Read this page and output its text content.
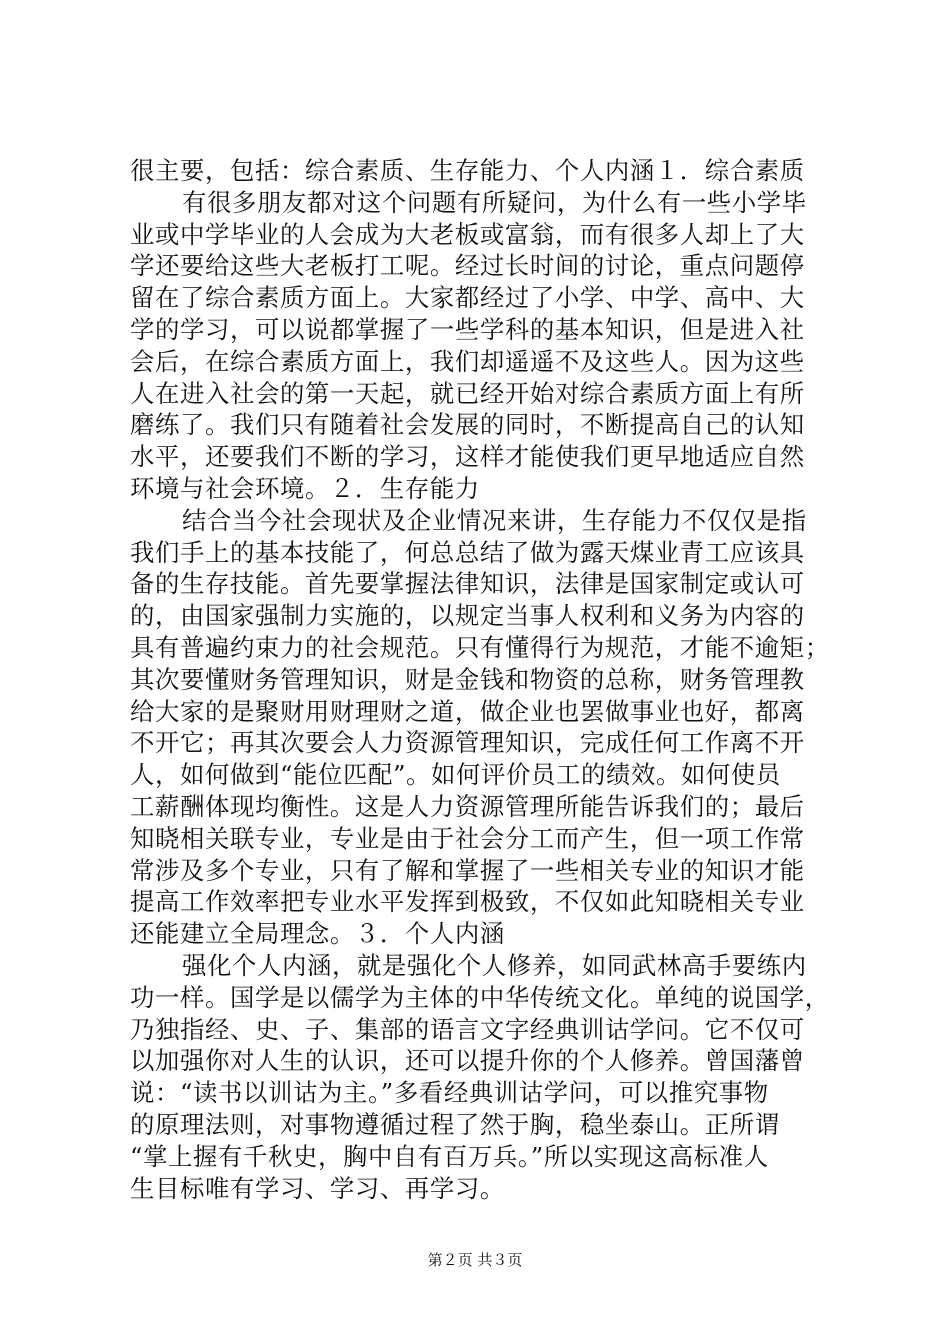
很主要，包括：综合素质、生存能力、个人内涵１．综合素质
有很多朋友都对这个问题有所疑问，为什么有一些小学毕
业或中学毕业的人会成为大老板或富翁，而有很多人却上了大
学还要给这些大老板打工呢。经过长时间的讨论，重点问题停
留在了综合素质方面上。大家都经过了小学、中学、高中、大
学的学习，可以说都掌握了一些学科的基本知识，但是进入社
会后，在综合素质方面上，我们却遥遥不及这些人。因为这些
人在进入社会的第一天起，就已经开始对综合素质方面上有所
磨练了。我们只有随着社会发展的同时，不断提高自己的认知
水平，还要我们不断的学习，这样才能使我们更早地适应自然
环境与社会环境。２．生存能力
结合当今社会现状及企业情况来讲，生存能力不仅仅是指
我们手上的基本技能了，何总总结了做为露天煤业青工应该具
备的生存技能。首先要掌握法律知识，法律是国家制定或认可
的，由国家强制力实施的，以规定当事人权利和义务为内容的
具有普遍约束力的社会规范。只有懂得行为规范，才能不逾矩；
其次要懂财务管理知识，财是金钱和物资的总称，财务管理教
给大家的是聚财用财理财之道，做企业也罢做事业也好，都离
不开它；再其次要会人力资源管理知识，完成任何工作离不开
人，如何做到“能位匹配”。如何评价员工的绩效。如何使员
工薪酬体现均衡性。这是人力资源管理所能告诉我们的；最后
知晓相关联专业，专业是由于社会分工而产生，但一项工作常
常涉及多个专业，只有了解和掌握了一些相关专业的知识才能
提高工作效率把专业水平发挥到极致，不仅如此知晓相关专业
还能建立全局理念。３．个人内涵
强化个人内涵，就是强化个人修养，如同武林高手要练内
功一样。国学是以儒学为主体的中华传统文化。单纯的说国学，
乃独指经、史、子、集部的语言文字经典训诂学问。它不仅可
以加强你对人生的认识，还可以提升你的个人修养。曾国藩曾
说：“读书以训诂为主。”多看经典训诂学问，可以推究事物
的原理法则，对事物遵循过程了然于胸，稳坐泰山。正所谓
“掌上握有千秋史，胸中自有百万兵。”所以实现这高标准人
生目标唯有学习、学习、再学习。
第２页 共３页
